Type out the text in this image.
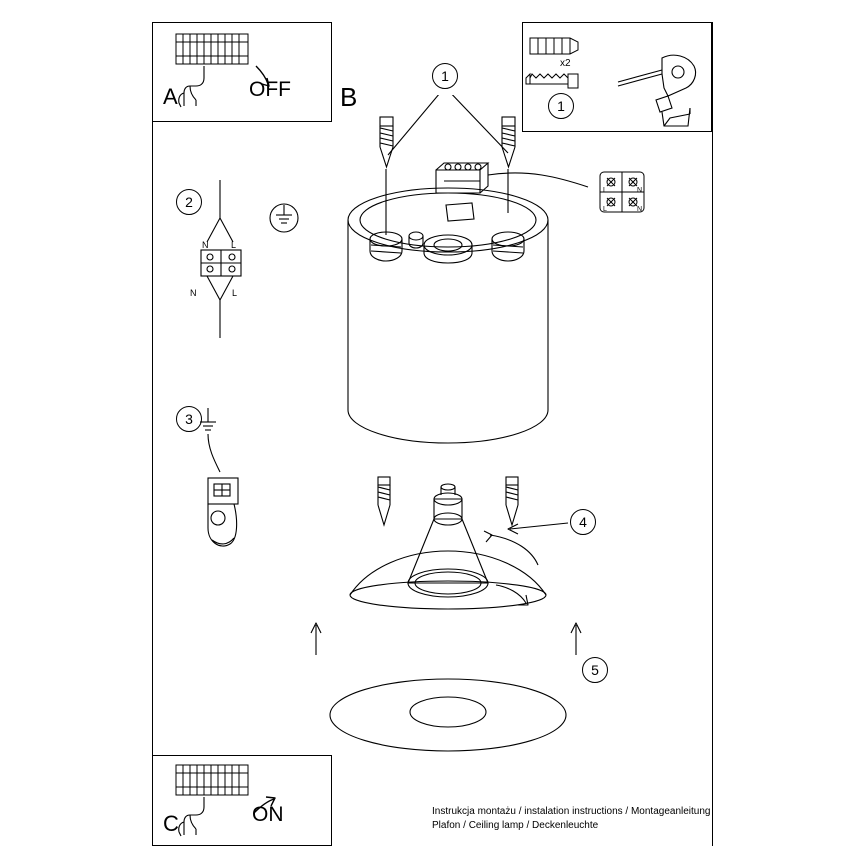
A	OFF B	1
x2
1
2
N	L
N	L
3
L	N
L	N
4
5
C	ON	Instrukcja montażu / instalation instructions / Montageanleitung
Plafon / Ceiling lamp / Deckenleuchte
